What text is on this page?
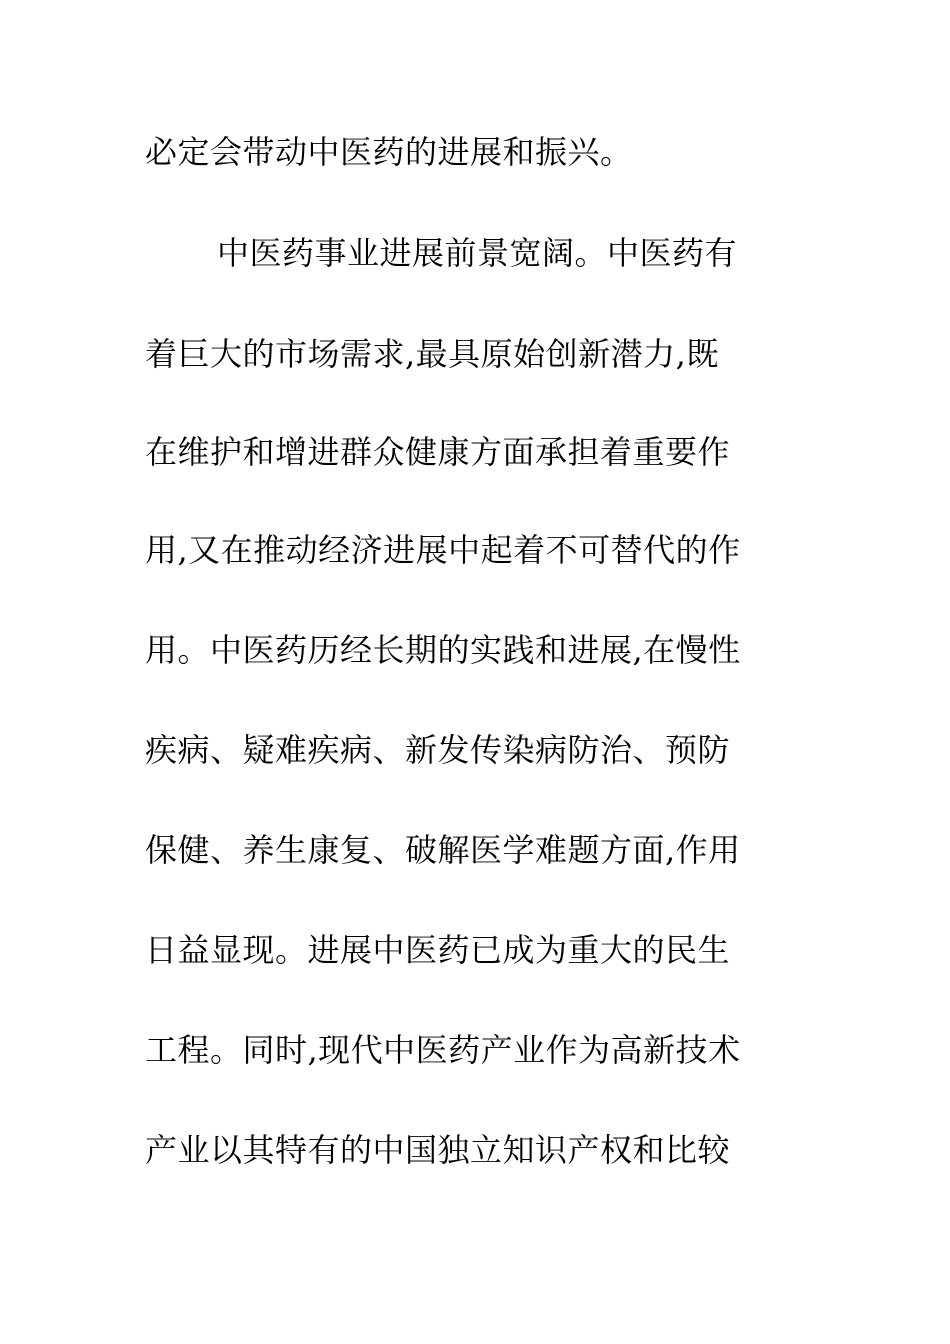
必定会带动中医药的进展和振兴。
中医药事业进展前景宽阔。中医药有
着巨大的市场需求,最具原始创新潜力,既
在维护和增进群众健康方面承担着重要作
用,又在推动经济进展中起着不可替代的作
用。中医药历经长期的实践和进展,在慢性
疾病、疑难疾病、新发传染病防治、预防
保健、养生康复、破解医学难题方面,作用
日益显现。进展中医药已成为重大的民生
工程。同时,现代中医药产业作为高新技术
产业以其特有的中国独立知识产权和比较
